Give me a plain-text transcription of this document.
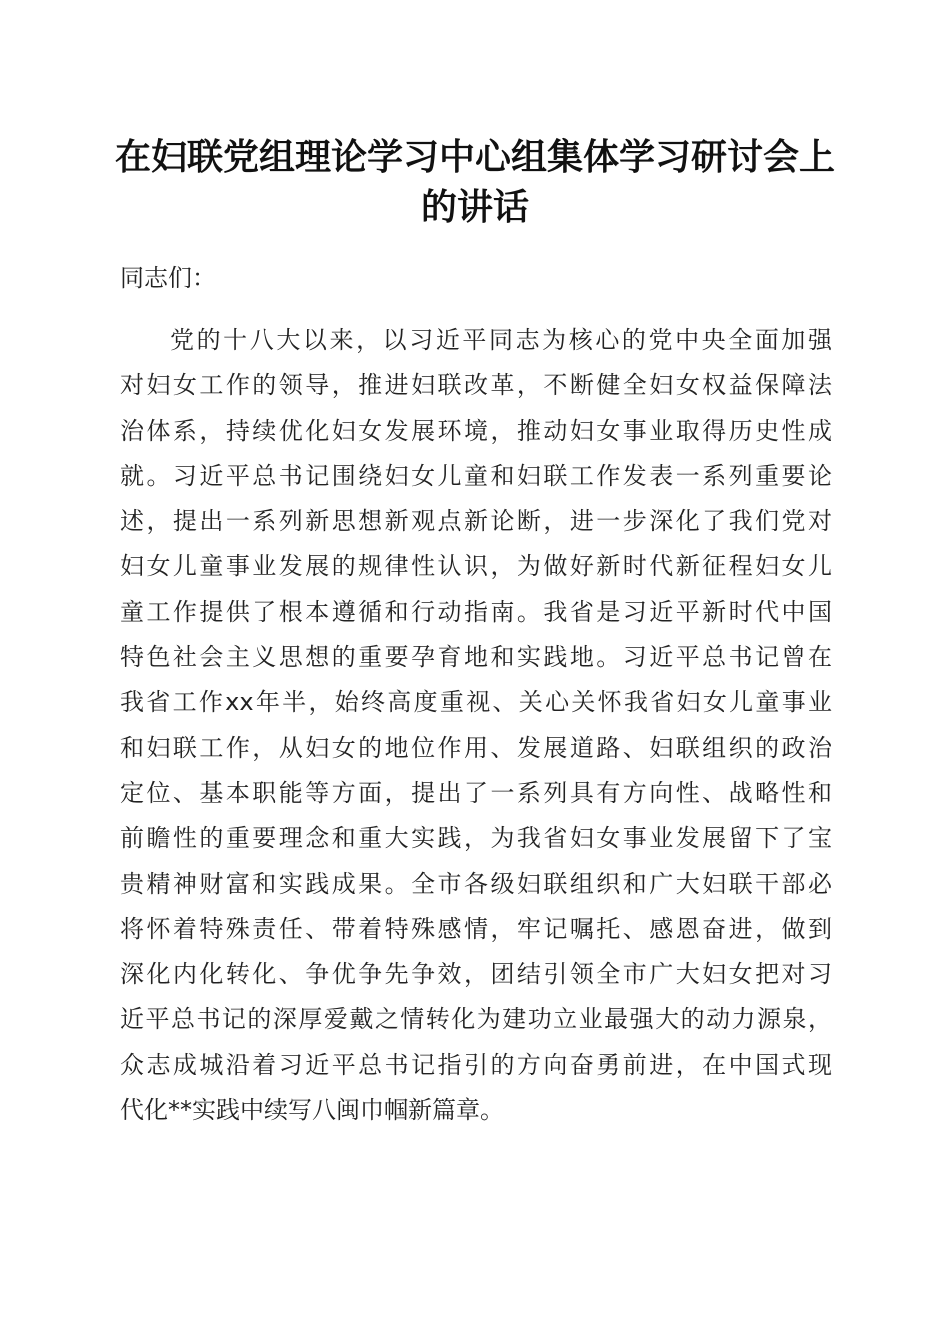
在妇联党组理论学习中心组集体学习研讨会上
的讲话

同志们：

党的十八大以来，以习近平同志为核心的党中央全面加强
对妇女工作的领导，推进妇联改革，不断健全妇女权益保障法
治体系，持续优化妇女发展环境，推动妇女事业取得历史性成
就。习近平总书记围绕妇女儿童和妇联工作发表一系列重要论
述，提出一系列新思想新观点新论断，进一步深化了我们党对
妇女儿童事业发展的规律性认识，为做好新时代新征程妇女儿
童工作提供了根本遵循和行动指南。我省是习近平新时代中国
特色社会主义思想的重要孕育地和实践地。习近平总书记曾在
我省工作xx年半，始终高度重视、关心关怀我省妇女儿童事业
和妇联工作，从妇女的地位作用、发展道路、妇联组织的政治
定位、基本职能等方面，提出了一系列具有方向性、战略性和
前瞻性的重要理念和重大实践，为我省妇女事业发展留下了宝
贵精神财富和实践成果。全市各级妇联组织和广大妇联干部必
将怀着特殊责任、带着特殊感情，牢记嘱托、感恩奋进，做到
深化内化转化、争优争先争效，团结引领全市广大妇女把对习
近平总书记的深厚爱戴之情转化为建功立业最强大的动力源泉，
众志成城沿着习近平总书记指引的方向奋勇前进，在中国式现
代化**实践中续写八闽巾帼新篇章。
